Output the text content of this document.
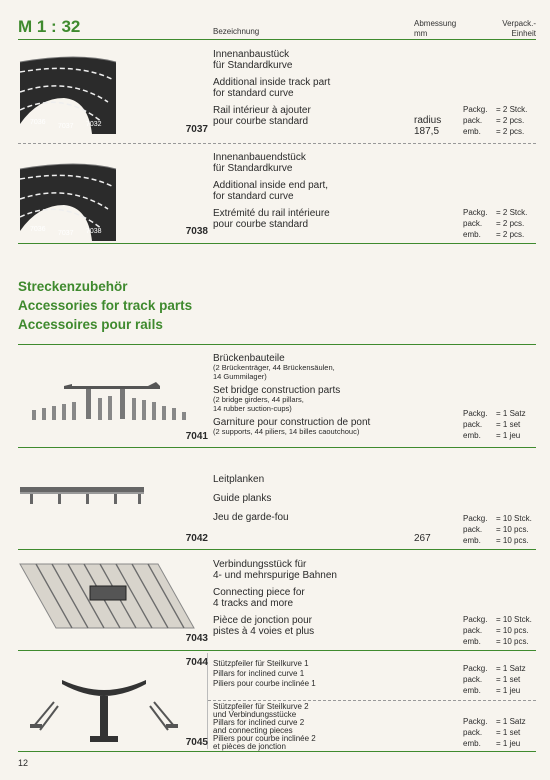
M 1 : 32	Bezeichnung
Abmessung
mm
Verpack.-
Einheit
7036
7037 7032	7037
Innenanbaustück
für Standardkurve
Additional inside track part
for standard curve
Rail intérieur à ajouter
pour courbe standard	radius
187,5
Packg.	= 2 Stck.
pack.	= 2 pcs.
emb.	= 2 pcs.
7036
7037 7038	7038
Innenanbauendstück
für Standardkurve
Additional inside end part,
for standard curve
Extrémité du rail intérieure
pour courbe standard
Packg.	= 2 Stck.
pack.	= 2 pcs.
emb.	= 2 pcs.
Streckenzubehör
Accessories for track parts
Accessoires pour rails
7041
Brückenbauteile
(2 Brückenträger, 44 Brückensäulen,
14 Gummilager)
Set bridge construction parts
(2 bridge girders, 44 pillars,
14 rubber suction-cups)
Garniture pour construction de pont
(2 supports, 44 piliers, 14 billes caoutchouc)
Packg.	= 1 Satz
pack.	= 1 set
emb.	= 1 jeu
7042
Leitplanken
Guide planks
Jeu de garde-fou
267
Packg.	= 10 Stck.
pack.	= 10 pcs.
emb.	= 10 pcs.
7043
Verbindungsstück für
4- und mehrspurige Bahnen
Connecting piece for
4 tracks and more
Pièce de jonction pour
pistes à 4 voies et plus
Packg.	= 10 Stck.
pack.	= 10 pcs.
emb.	= 10 pcs.
7044 Stützpfeiler für Steilkurve 1
Pillars for inclined curve 1
Piliers pour courbe inclinée 1
Packg.	= 1 Satz
pack.	= 1 set
emb.	= 1 jeu
7045
Stützpfeiler für Steilkurve 2
und Verbindungsstücke
Pillars for inclined curve 2
and connecting pieces
Piliers pour courbe inclinée 2
et pièces de jonction
Packg.	= 1 Satz
pack.	= 1 set
emb.	= 1 jeu
12
